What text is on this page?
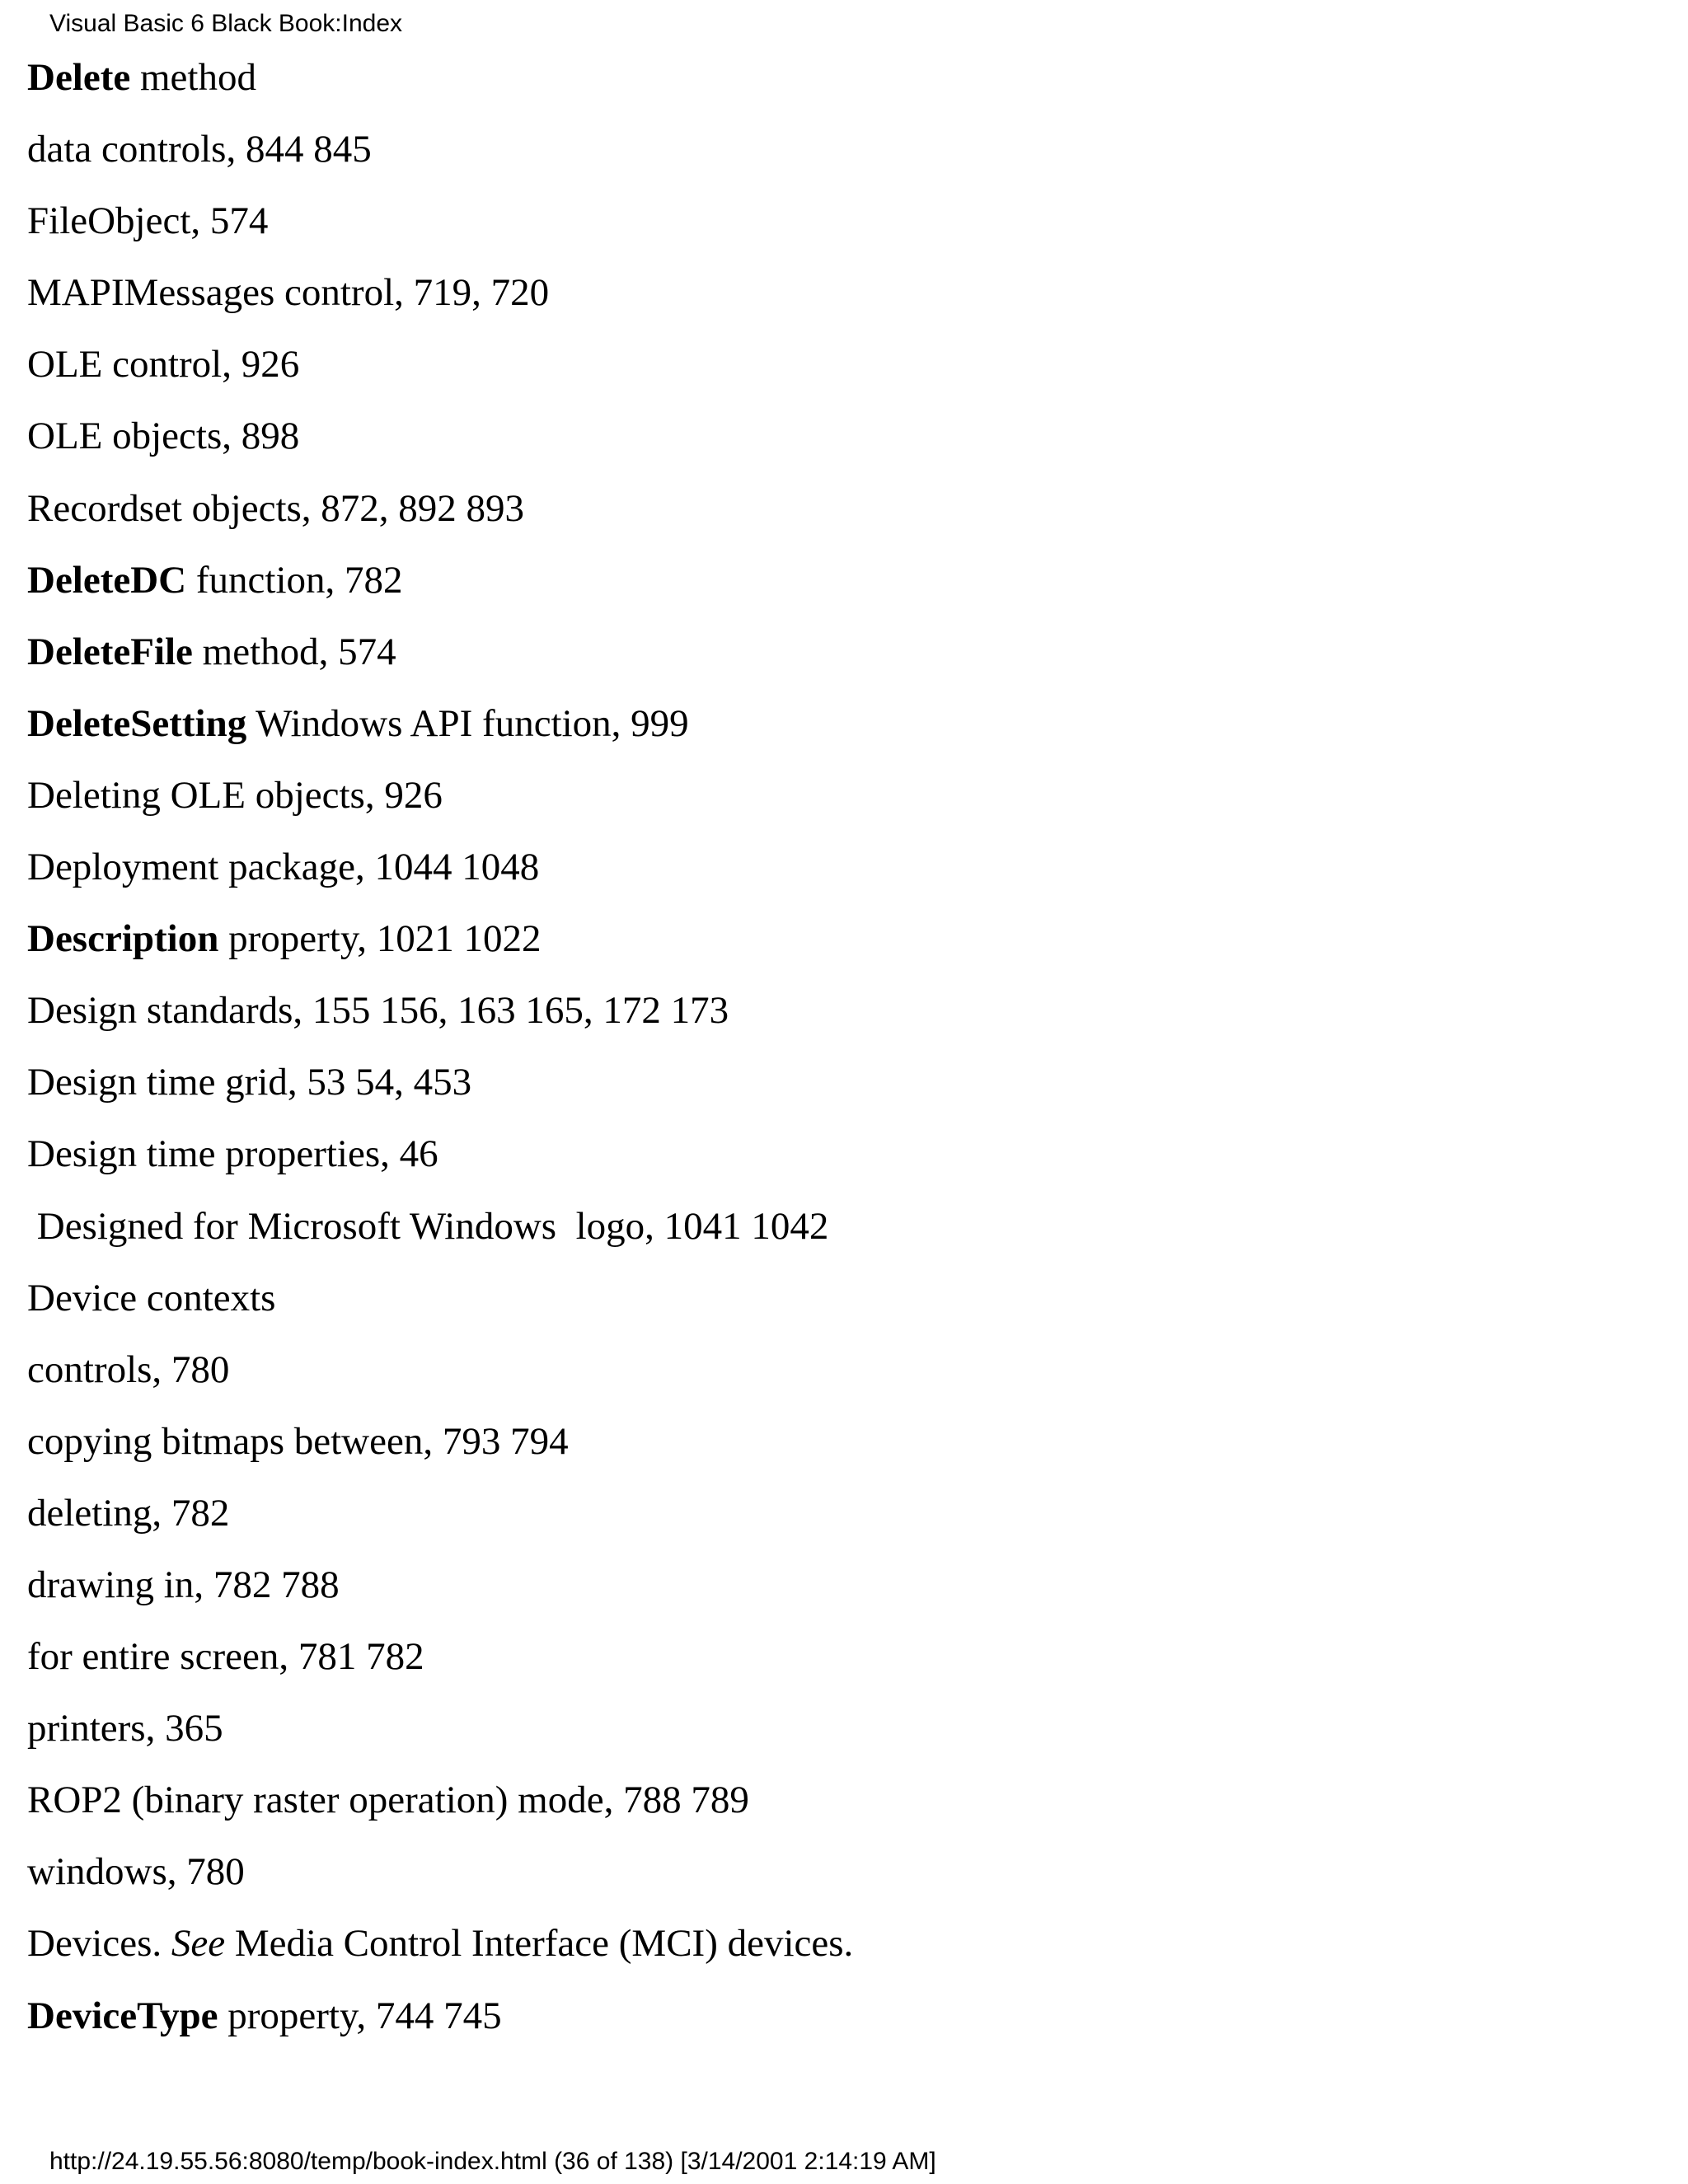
Visual Basic 6 Black Book:Index
Delete method
data controls, 844 845
FileObject, 574
MAPIMessages control, 719, 720
OLE control, 926
OLE objects, 898
Recordset objects, 872, 892 893
DeleteDC function, 782
DeleteFile method, 574
DeleteSetting Windows API function, 999
Deleting OLE objects, 926
Deployment package, 1044 1048
Description property, 1021 1022
Design standards, 155 156, 163 165, 172 173
Design time grid, 53 54, 453
Design time properties, 46
Designed for Microsoft Windows  logo, 1041 1042
Device contexts
controls, 780
copying bitmaps between, 793 794
deleting, 782
drawing in, 782 788
for entire screen, 781 782
printers, 365
ROP2 (binary raster operation) mode, 788 789
windows, 780
Devices. See Media Control Interface (MCI) devices.
DeviceType property, 744 745
http://24.19.55.56:8080/temp/book-index.html (36 of 138) [3/14/2001 2:14:19 AM]
